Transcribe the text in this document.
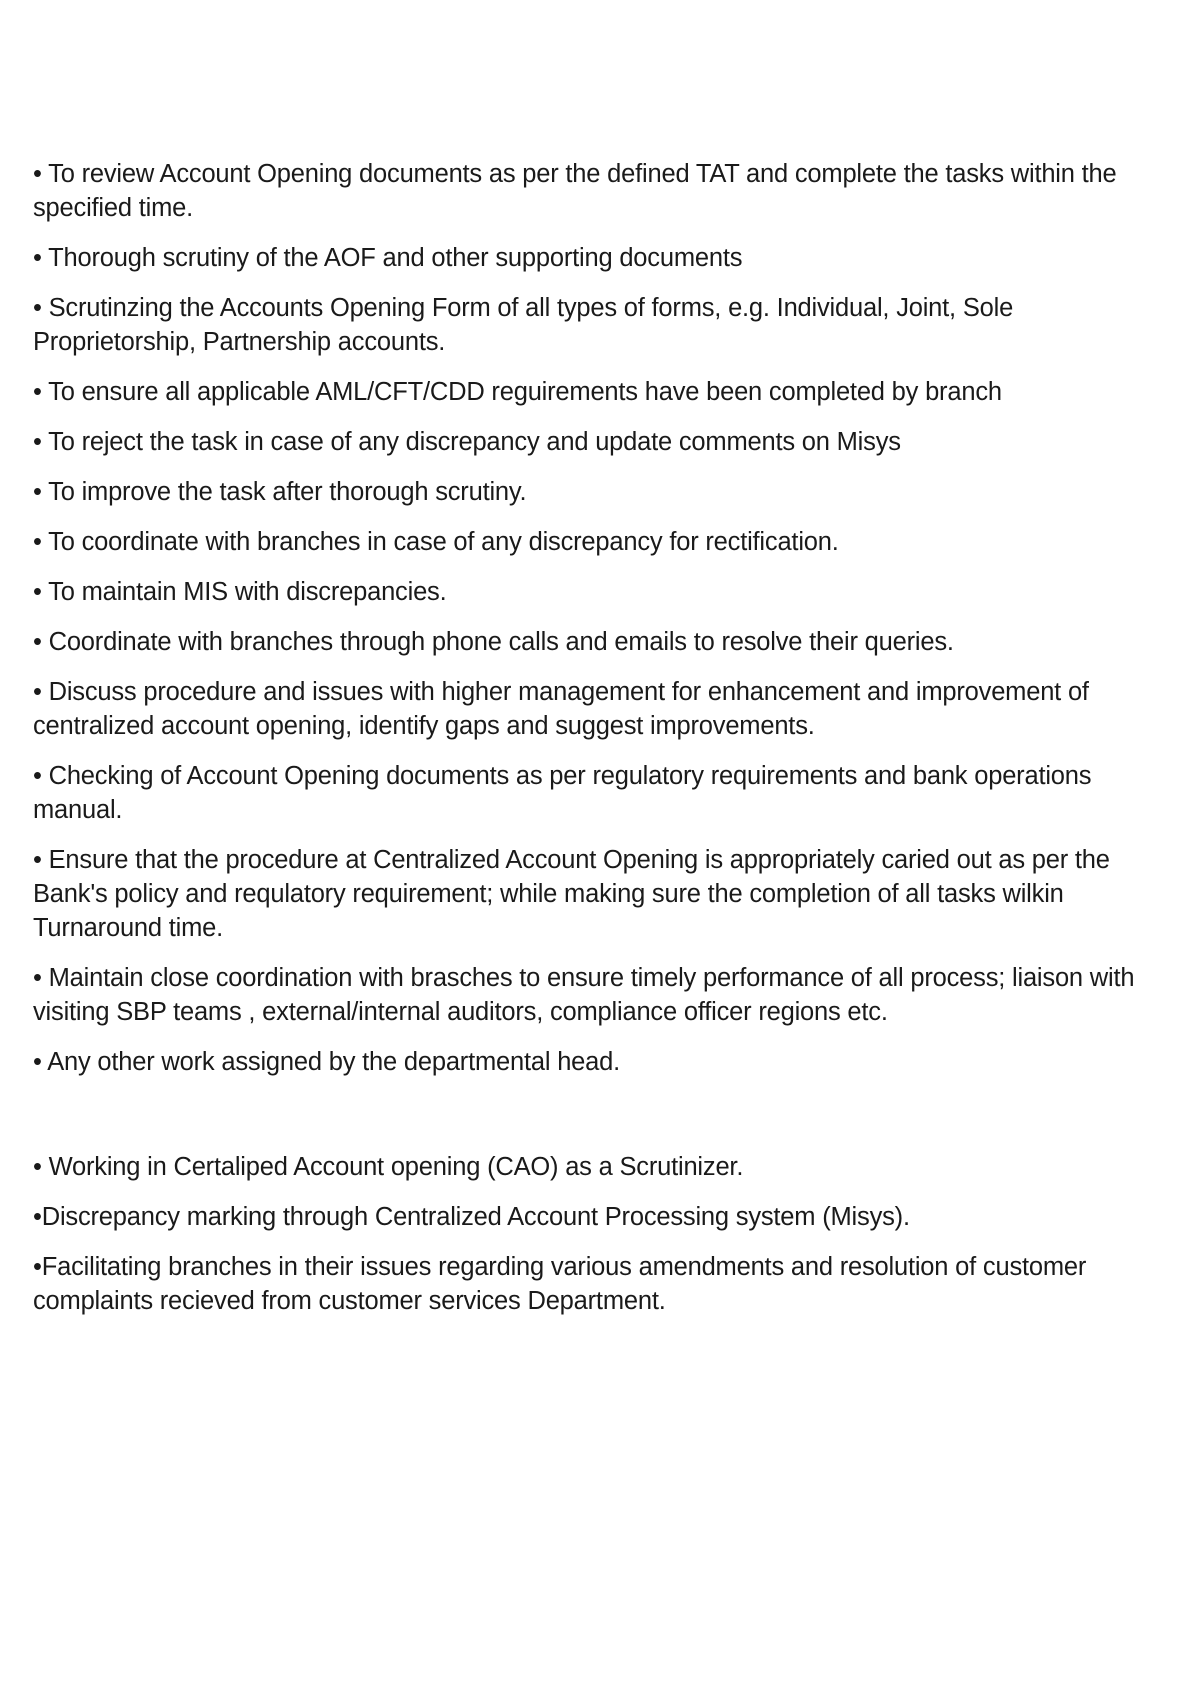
• To review Account Opening documents as per the defined TAT and complete the tasks within the specified time.
• Thorough scrutiny of the AOF and other supporting documents
• Scrutinzing the Accounts Opening Form of all types of forms, e.g. Individual, Joint, Sole Proprietorship, Partnership accounts.
• To ensure all applicable AML/CFT/CDD reguirements have been completed by branch
• To reject the task in case of any discrepancy and update comments on Misys
• To improve the task after thorough scrutiny.
• To coordinate with branches in case of any discrepancy for rectification.
• To maintain MIS with discrepancies.
• Coordinate with branches through phone calls and emails to resolve their queries.
• Discuss procedure and issues with higher management for enhancement and improvement of centralized account opening, identify gaps and suggest improvements.
• Checking of Account Opening documents as per regulatory requirements and bank operations manual.
• Ensure that the procedure at Centralized Account Opening is appropriately caried out as per the Bank's policy and requlatory requirement; while making sure the completion of all tasks wilkin Turnaround time.
• Maintain close coordination with brasches to ensure timely performance of all process; liaison with visiting SBP teams , external/internal auditors, compliance officer regions etc.
• Any other work assigned by the departmental head.
• Working in Certaliped Account opening (CAO) as a Scrutinizer.
•Discrepancy marking through Centralized Account Processing system (Misys).
•Facilitating branches in their issues regarding various amendments and resolution of customer complaints recieved from customer services Department.
